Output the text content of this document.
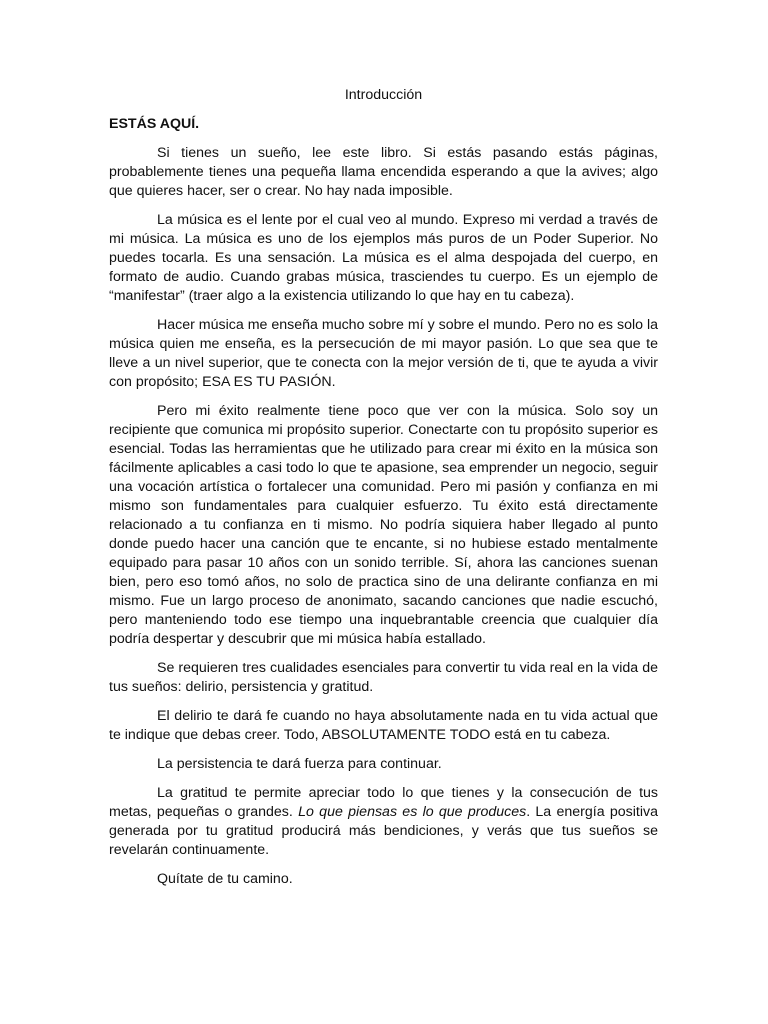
Introducción
ESTÁS AQUÍ.

Si tienes un sueño, lee este libro. Si estás pasando estás páginas, probablemente tienes una pequeña llama encendida esperando a que la avives; algo que quieres hacer, ser o crear. No hay nada imposible.

La música es el lente por el cual veo al mundo. Expreso mi verdad a través de mi música. La música es uno de los ejemplos más puros de un Poder Superior. No puedes tocarla. Es una sensación. La música es el alma despojada del cuerpo, en formato de audio. Cuando grabas música, trasciendes tu cuerpo. Es un ejemplo de “manifestar” (traer algo a la existencia utilizando lo que hay en tu cabeza).

Hacer música me enseña mucho sobre mí y sobre el mundo. Pero no es solo la música quien me enseña, es la persecución de mi mayor pasión. Lo que sea que te lleve a un nivel superior, que te conecta con la mejor versión de ti, que te ayuda a vivir con propósito; ESA ES TU PASIÓN.

Pero mi éxito realmente tiene poco que ver con la música. Solo soy un recipiente que comunica mi propósito superior. Conectarte con tu propósito superior es esencial. Todas las herramientas que he utilizado para crear mi éxito en la música son fácilmente aplicables a casi todo lo que te apasione, sea emprender un negocio, seguir una vocación artística o fortalecer una comunidad. Pero mi pasión y confianza en mi mismo son fundamentales para cualquier esfuerzo. Tu éxito está directamente relacionado a tu confianza en ti mismo. No podría siquiera haber llegado al punto donde puedo hacer una canción que te encante, si no hubiese estado mentalmente equipado para pasar 10 años con un sonido terrible. Sí, ahora las canciones suenan bien, pero eso tomó años, no solo de practica sino de una delirante confianza en mi mismo. Fue un largo proceso de anonimato, sacando canciones que nadie escuchó, pero manteniendo todo ese tiempo una inquebrantable creencia que cualquier día podría despertar y descubrir que mi música había estallado.

Se requieren tres cualidades esenciales para convertir tu vida real en la vida de tus sueños: delirio, persistencia y gratitud.

El delirio te dará fe cuando no haya absolutamente nada en tu vida actual que te indique que debas creer. Todo, ABSOLUTAMENTE TODO está en tu cabeza.

La persistencia te dará fuerza para continuar.

La gratitud te permite apreciar todo lo que tienes y la consecución de tus metas, pequeñas o grandes. Lo que piensas es lo que produces. La energía positiva generada por tu gratitud producirá más bendiciones, y verás que tus sueños se revelarán continuamente.

Quítate de tu camino.
